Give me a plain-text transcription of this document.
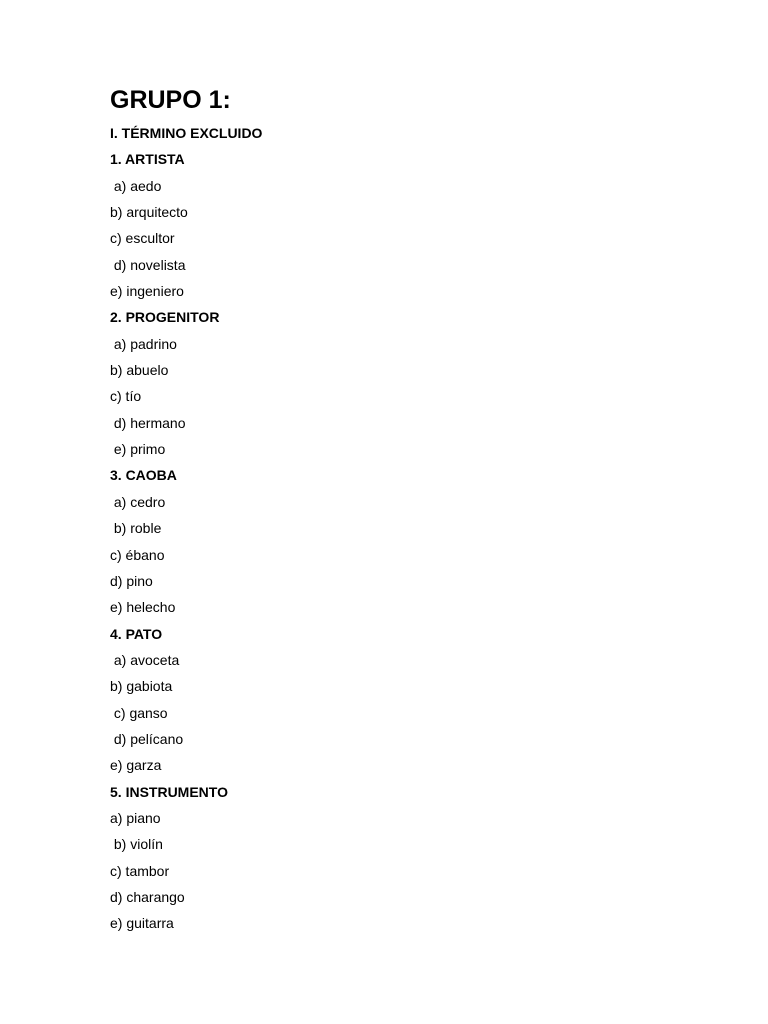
GRUPO 1:
I. TÉRMINO EXCLUIDO
1. ARTISTA
a) aedo
b) arquitecto
c) escultor
d) novelista
e) ingeniero
2. PROGENITOR
a) padrino
b) abuelo
c) tío
d) hermano
e) primo
3. CAOBA
a) cedro
b) roble
c) ébano
d) pino
e) helecho
4. PATO
a) avoceta
b) gabiota
c) ganso
d) pelícano
e) garza
5. INSTRUMENTO
a) piano
b) violín
c) tambor
d) charango
e) guitarra
